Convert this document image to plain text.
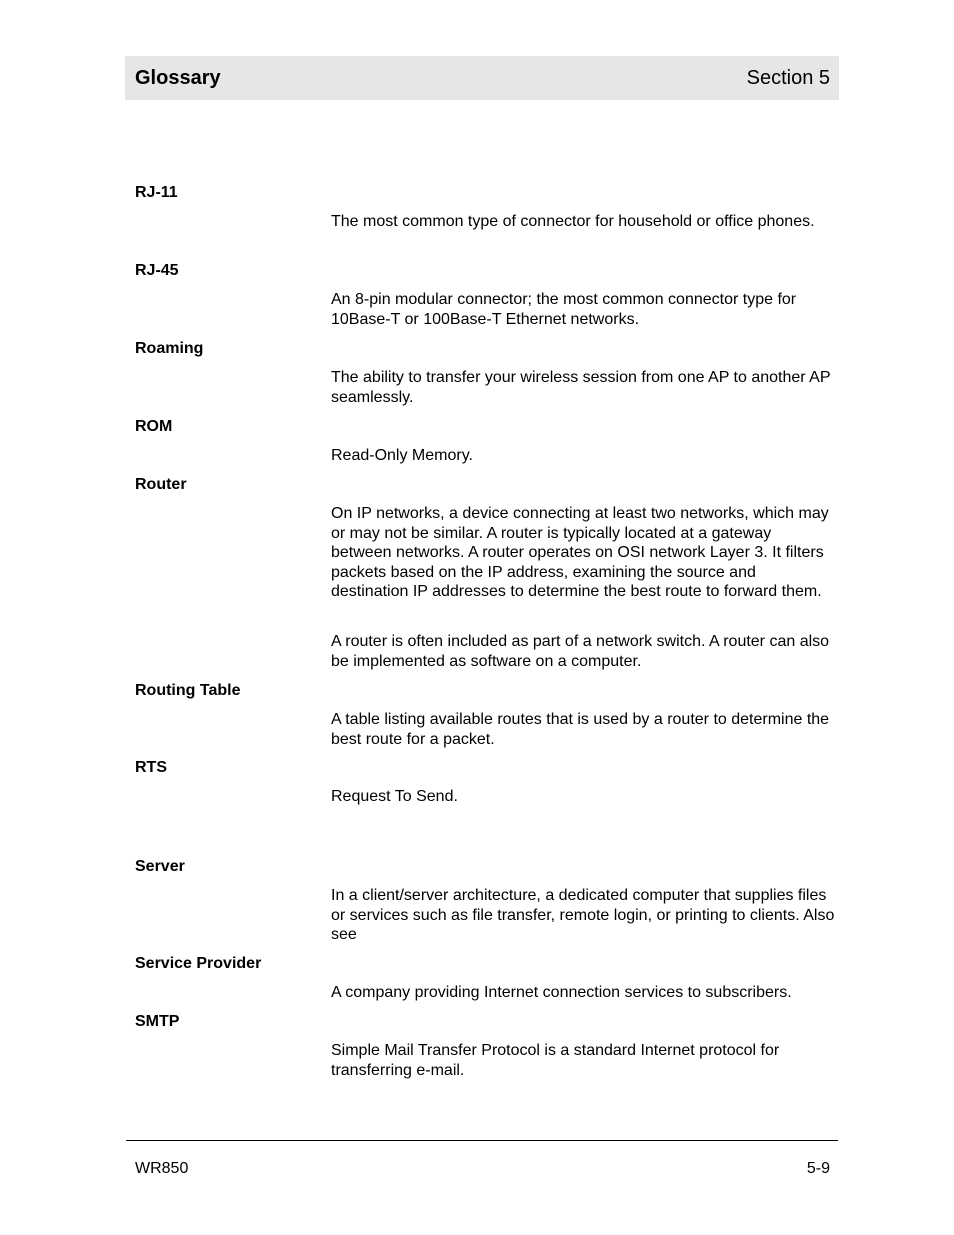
Glossary	Section 5
RJ-11
The most common type of connector for household or office phones.
RJ-45
An 8-pin modular connector; the most common connector type for 10Base-T or 100Base-T Ethernet networks.
Roaming
The ability to transfer your wireless session from one AP to another AP seamlessly.
ROM
Read-Only Memory.
Router
On IP networks, a device connecting at least two networks, which may or may not be similar. A router is typically located at a gateway between networks. A router operates on OSI network Layer 3. It filters packets based on the IP address, examining the source and destination IP addresses to determine the best route to forward them.
A router is often included as part of a network switch. A router can also be implemented as software on a computer.
Routing Table
A table listing available routes that is used by a router to determine the best route for a packet.
RTS
Request To Send.
Server
In a client/server architecture, a dedicated computer that supplies files or services such as file transfer, remote login, or printing to clients. Also see
Service Provider
A company providing Internet connection services to subscribers.
SMTP
Simple Mail Transfer Protocol is a standard Internet protocol for transferring e-mail.
WR850	5-9
